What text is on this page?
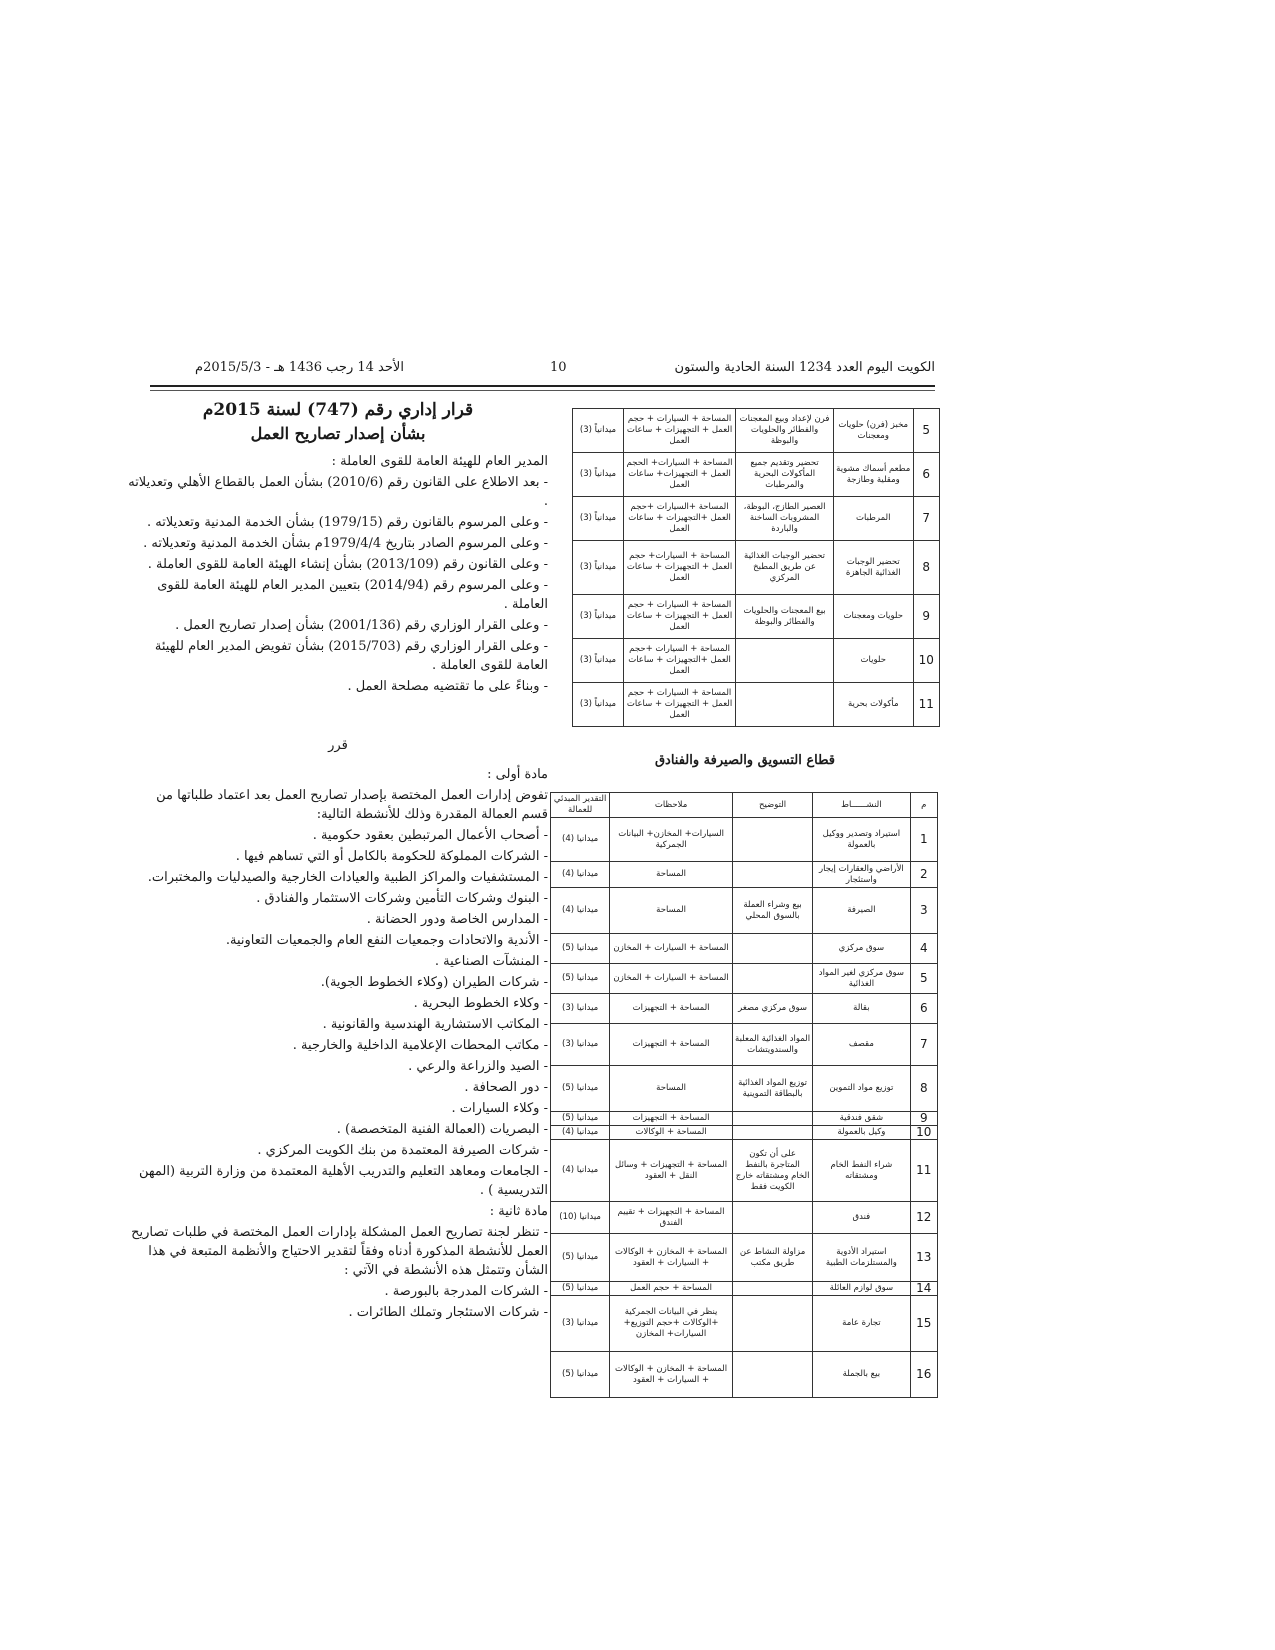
الكويت اليوم العدد 1234 السنة الحادية والستون
10
الأحد 14 رجب 1436 هـ - 2015/5/3م
قرار إداري رقم (747) لسنة 2015م
بشأن إصدار تصاريح العمل

المدير العام للهيئة العامة للقوى العاملة :

- بعد الاطلاع على القانون رقم (2010/6) بشأن العمل بالقطاع الأهلي وتعديلاته .

- وعلى المرسوم بالقانون رقم (1979/15) بشأن الخدمة المدنية وتعديلاته .

- وعلى المرسوم الصادر بتاريخ 1979/4/4م بشأن الخدمة المدنية وتعديلاته .

- وعلى القانون رقم (2013/109) بشأن إنشاء الهيئة العامة للقوى العاملة .

- وعلى المرسوم رقم (2014/94) بتعيين المدير العام للهيئة العامة للقوى العاملة .

- وعلى القرار الوزاري رقم (2001/136) بشأن إصدار تصاريح العمل .

- وعلى القرار الوزاري رقم (2015/703) بشأن تفويض المدير العام للهيئة العامة للقوى العاملة .

- وبناءً على ما تقتضيه مصلحة العمل .

قرر

مادة أولى :

تفوض إدارات العمل المختصة بإصدار تصاريح العمل بعد اعتماد طلباتها من قسم العمالة المقدرة وذلك للأنشطة التالية:

- أصحاب الأعمال المرتبطين بعقود حكومية .

- الشركات المملوكة للحكومة بالكامل أو التي تساهم فيها .

- المستشفيات والمراكز الطبية والعيادات الخارجية والصيدليات والمختبرات.

- البنوك وشركات التأمين وشركات الاستثمار والفنادق .

- المدارس الخاصة ودور الحضانة .

- الأندية والاتحادات وجمعيات النفع العام والجمعيات التعاونية.

- المنشآت الصناعية .

- شركات الطيران (وكلاء الخطوط الجوية).

- وكلاء الخطوط البحرية .

- المكاتب الاستشارية الهندسية والقانونية .

- مكاتب المحطات الإعلامية الداخلية والخارجية .

- الصيد والزراعة والرعي .

- دور الصحافة .

- وكلاء السيارات .

- البصريات (العمالة الفنية المتخصصة) .

- شركات الصيرفة المعتمدة من بنك الكويت المركزي .

- الجامعات ومعاهد التعليم والتدريب الأهلية المعتمدة من وزارة التربية (المهن التدريسية ) .

مادة ثانية :

- تنظر لجنة تصاريح العمل المشكلة بإدارات العمل المختصة في طلبات تصاريح العمل للأنشطة المذكورة أدناه وفقاً لتقدير الاحتياج والأنظمة المتبعة في هذا الشأن وتتمثل هذه الأنشطة في الآتي :

- الشركات المدرجة بالبورصة .

- شركات الاستئجار وتملك الطائرات .

5	مخبز (فرن) حلويات ومعجنات	فرن لإعداد وبيع المعجنات والفطائر والحلويات والبوظة	المساحة + السيارات + حجم العمل + التجهيزات + ساعات العمل	ميدانياً (3)
6	مطعم أسماك مشوية ومقلية وطازجة	تحضير وتقديم جميع المأكولات البحرية والمرطبات	المساحة + السيارات+ الحجم العمل + التجهيزات+ ساعات العمل	ميدانياً (3)
7	المرطبات	العصير الطازج، البوظة، المشروبات الساخنة والباردة	المساحة +السيارات +حجم العمل +التجهيزات + ساعات العمل	ميدانياً (3)
8	تحضير الوجبات الغذائية الجاهزة	تحضير الوجبات الغذائية عن طريق المطبخ المركزي	المساحة + السيارات+ حجم العمل + التجهيزات + ساعات العمل	ميدانياً (3)
9	حلويات ومعجنات	بيع المعجنات والحلويات والفطائر والبوظة	المساحة + السيارات + حجم العمل + التجهيزات + ساعات العمل	ميدانياً (3)
10	حلويات		المساحة + السيارات +حجم العمل +التجهيزات + ساعات العمل	ميدانياً (3)
11	مأكولات بحرية		المساحة + السيارات + حجم العمل + التجهيزات + ساعات العمل	ميدانياً (3)
قطاع التسويق والصيرفة والفنادق
م	النشــــــاط	التوضيح	ملاحظات	التقدير المبدئي للعمالة
1	استيراد وتصدير ووكيل بالعمولة		السيارات+ المخازن+ البيانات الجمركية	ميدانيا (4)
2	الأراضي والعقارات إيجار واستئجار		المساحة	ميدانيا (4)
3	الصيرفة	بيع وشراء العملة بالسوق المحلي	المساحة	ميدانيا (4)
4	سوق مركزي		المساحة + السيارات + المخازن	ميدانيا (5)
5	سوق مركزي لغير المواد الغذائية		المساحة + السيارات + المخازن	ميدانيا (5)
6	بقالة	سوق مركزي مصغر	المساحة + التجهيزات	ميدانيا (3)
7	مقصف	المواد الغذائية المعلبة والسندويتشات	المساحة + التجهيزات	ميدانيا (3)
8	توزيع مواد التموين	توزيع المواد الغذائية بالبطاقة التموينية	المساحة	ميدانيا (5)
9	شقق فندقية		المساحة + التجهيزات	ميدانيا (5)
10	وكيل بالعمولة		المساحة + الوكالات	ميدانيا (4)
11	شراء النفط الخام ومشتقاته	على أن تكون المتاجرة بالنفط الخام ومشتقاته خارج الكويت فقط	المساحة + التجهيزات + وسائل النقل + العقود	ميدانيا (4)
12	فندق		المساحة + التجهيزات + تقييم الفندق	ميدانيا (10)
13	استيراد الأدوية والمستلزمات الطبية	مزاولة النشاط عن طريق مكتب	المساحة + المخازن + الوكالات + السيارات + العقود	ميدانيا (5)
14	سوق لوازم العائلة		المساحة + حجم العمل	ميدانيا (5)
15	تجارة عامة		ينظر في البيانات الجمركية +الوكالات +حجم التوزيع+ السيارات+ المخازن	ميدانيا (3)
16	بيع بالجملة		المساحة + المخازن + الوكالات + السيارات + العقود	ميدانيا (5)
